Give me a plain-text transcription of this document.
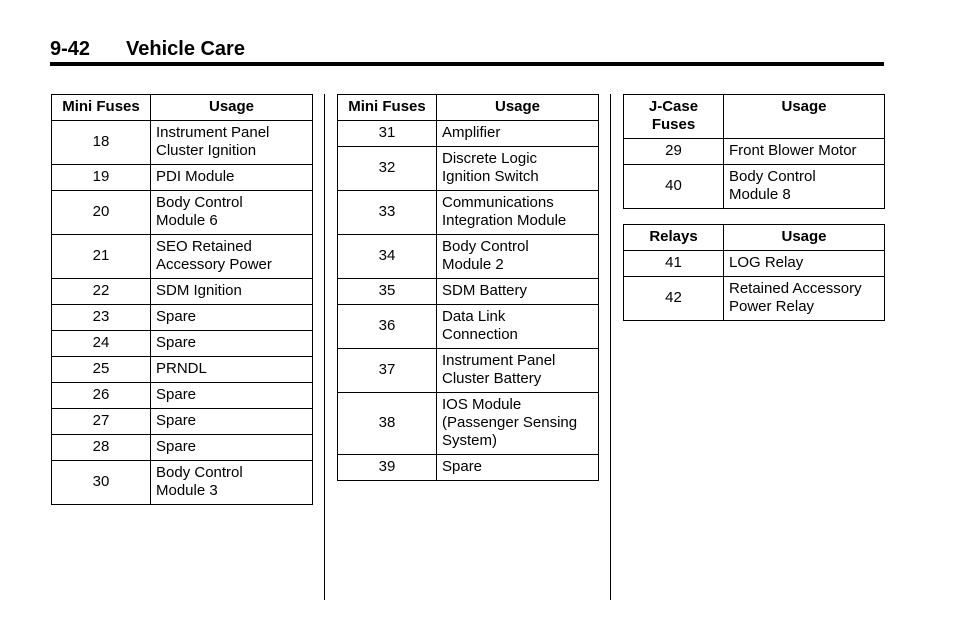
9-42 Vehicle Care
Mini Fuses	Usage
18	Instrument Panel
Cluster Ignition
19	PDI Module
20	Body Control
Module 6
21	SEO Retained
Accessory Power
22	SDM Ignition
23	Spare
24	Spare
25	PRNDL
26	Spare
27	Spare
28	Spare
30	Body Control
Module 3
Mini Fuses	Usage
31	Amplifier
32	Discrete Logic
Ignition Switch
33	Communications
Integration Module
34	Body Control
Module 2
35	SDM Battery
36	Data Link
Connection
37	Instrument Panel
Cluster Battery
38	IOS Module
(Passenger Sensing
System)
39	Spare
J-Case
Fuses	Usage
29	Front Blower Motor
40	Body Control
Module 8
Relays	Usage
41	LOG Relay
42	Retained Accessory
Power Relay
